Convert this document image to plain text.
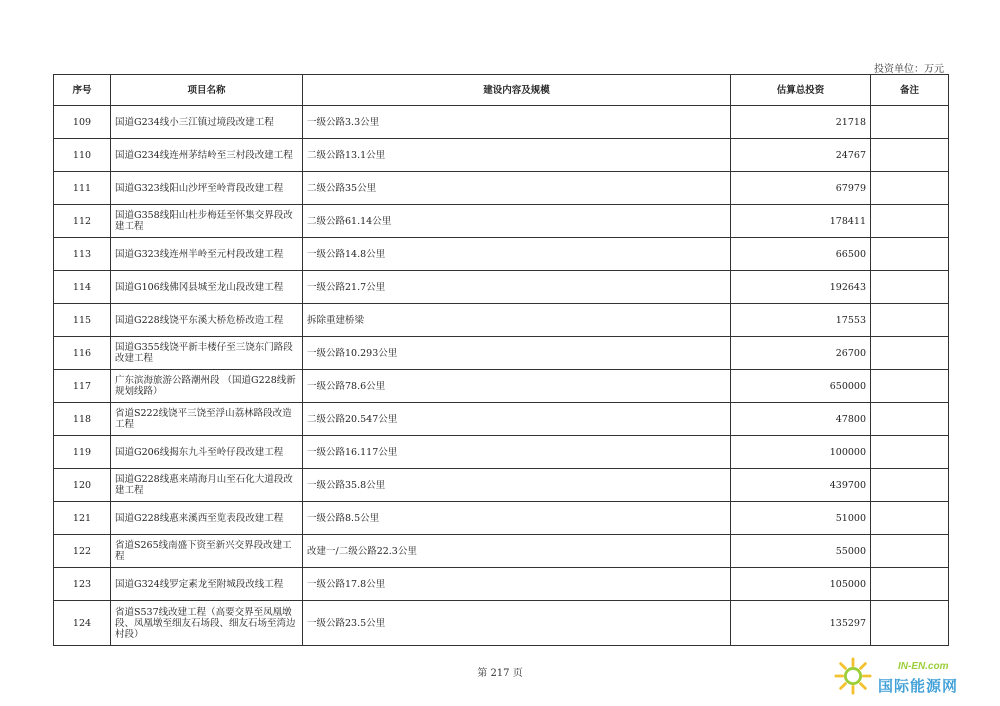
投资单位：万元
序号	项目名称	建设内容及规模	估算总投资	备注
109	国道G234线小三江镇过境段改建工程	一级公路3.3公里	21718	
110	国道G234线连州茅结岭至三村段改建工程	二级公路13.1公里	24767	
111	国道G323线阳山沙坪至岭背段改建工程	二级公路35公里	67979	
112	国道G358线阳山杜步梅廷至怀集交界段改建工程	二级公路61.14公里	178411	
113	国道G323线连州半岭至元村段改建工程	一级公路14.8公里	66500	
114	国道G106线佛冈县城至龙山段改建工程	一级公路21.7公里	192643	
115	国道G228线饶平东溪大桥危桥改造工程	拆除重建桥梁	17553	
116	国道G355线饶平新丰楼仔至三饶东门路段改建工程	一级公路10.293公里	26700	
117	广东滨海旅游公路潮州段 （国道G228线新规划线路）	一级公路78.6公里	650000	
118	省道S222线饶平三饶至浮山荔林路段改造工程	二级公路20.547公里	47800	
119	国道G206线揭东九斗至岭仔段改建工程	一级公路16.117公里	100000	
120	国道G228线惠来靖海月山至石化大道段改建工程	一级公路35.8公里	439700	
121	国道G228线惠来溪西至览表段改建工程	一级公路8.5公里	51000	
122	省道S265线南盛下资至新兴交界段改建工程	改建一/二级公路22.3公里	55000	
123	国道G324线罗定素龙至附城段改线工程	一级公路17.8公里	105000	
124	省道S537线改建工程（高要交界至凤凰墩段、凤凰墩至细友石场段、细友石场至湾边村段）	一级公路23.5公里	135297	
第 217 页
IN-EN.com
国际能源网
